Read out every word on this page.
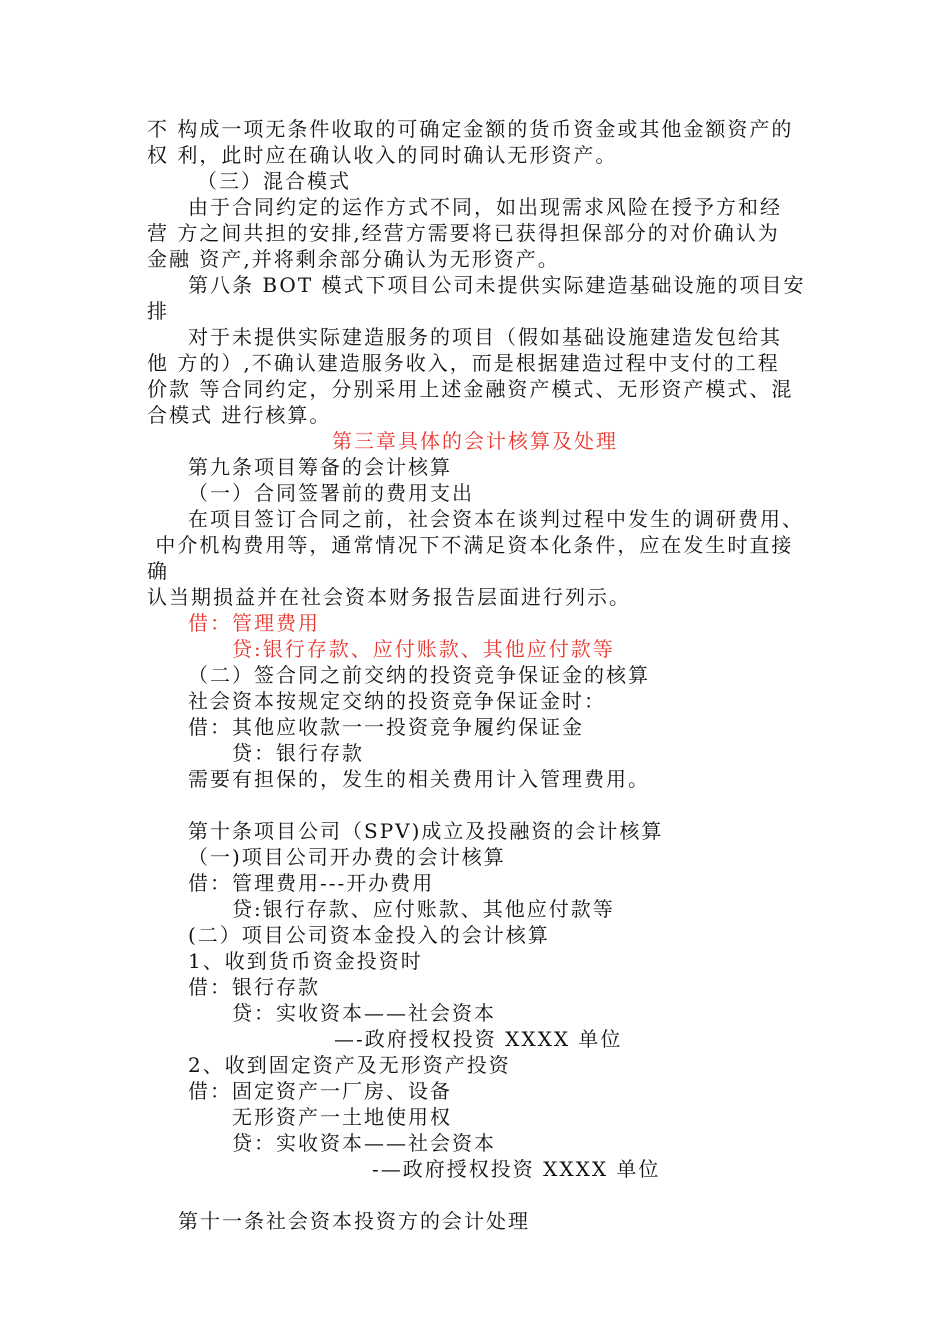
不 构成一项无条件收取的可确定金额的货币资金或其他金额资产的
权 利，此时应在确认收入的同时确认无形资产。
（三）混合模式
由于合同约定的运作方式不同，如出现需求风险在授予方和经
营 方之间共担的安排,经营方需要将已获得担保部分的对价确认为
金融 资产,并将剩余部分确认为无形资产。
第八条 BOT 模式下项目公司未提供实际建造基础设施的项目安
排
对于未提供实际建造服务的项目（假如基础设施建造发包给其
他 方的）,不确认建造服务收入，而是根据建造过程中支付的工程
价款 等合同约定，分别采用上述金融资产模式、无形资产模式、混
合模式 进行核算。
第三章具体的会计核算及处理
第九条项目筹备的会计核算
（一）合同签署前的费用支出
在项目签订合同之前，社会资本在谈判过程中发生的调研费用、
中介机构费用等，通常情况下不满足资本化条件，应在发生时直接
确
认当期损益并在社会资本财务报告层面进行列示。
借：管理费用
贷:银行存款、应付账款、其他应付款等
（二）签合同之前交纳的投资竞争保证金的核算
社会资本按规定交纳的投资竞争保证金时：
借：其他应收款一一投资竞争履约保证金
贷：银行存款
需要有担保的，发生的相关费用计入管理费用。
第十条项目公司（SPV)成立及投融资的会计核算
（一)项目公司开办费的会计核算
借：管理费用---开办费用
贷:银行存款、应付账款、其他应付款等
(二）项目公司资本金投入的会计核算
1、收到货币资金投资时
借：银行存款
贷：实收资本——社会资本
—-政府授权投资 XXXX 单位
2、收到固定资产及无形资产投资
借：固定资产一厂房、设备
无形资产一土地使用权
贷：实收资本——社会资本
-—政府授权投资 XXXX 单位
第十一条社会资本投资方的会计处理
